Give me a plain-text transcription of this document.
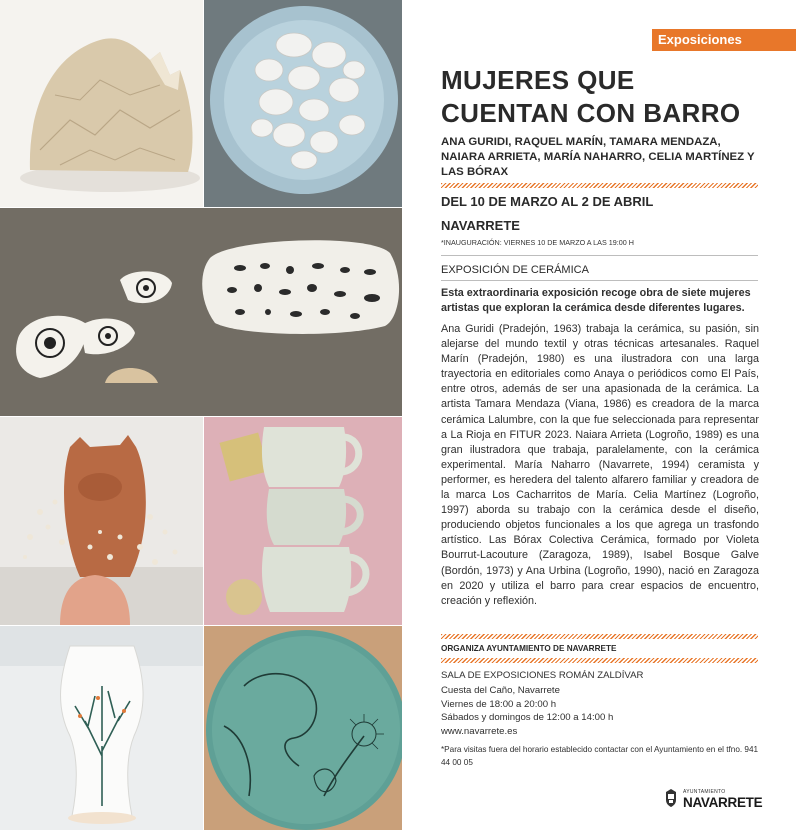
Exposiciones
MUJERES QUE
CUENTAN CON BARRO
ANA GURIDI, RAQUEL MARÍN, TAMARA MENDAZA, NAIARA ARRIETA, MARÍA NAHARRO, CELIA MARTÍNEZ Y LAS BÓRAX
DEL 10 DE MARZO AL 2 DE ABRIL
NAVARRETE
*INAUGURACIÓN: VIERNES 10 DE MARZO A LAS 19:00 H
EXPOSICIÓN DE CERÁMICA
Esta extraordinaria exposición recoge obra de siete mujeres artistas que exploran la cerámica desde diferentes lugares.
Ana Guridi (Pradejón, 1963) trabaja la cerámica, su pasión, sin alejarse del mundo textil y otras técnicas artesanales. Raquel Marín (Pradejón, 1980) es una ilustradora con una larga trayectoria en editoriales como Anaya o periódicos como El País, entre otros, además de ser una apasionada de la cerámica. La artista Tamara Mendaza (Viana, 1986) es creadora de la marca cerámica Lalumbre, con la que fue seleccionada para representar a La Rioja en FITUR 2023. Naiara Arrieta (Logroño, 1989) es una gran ilustradora que trabaja, paralelamente, con la cerámica experimental. María Naharro (Navarrete, 1994) ceramista y performer, es heredera del talento alfarero familiar y creadora de la marca Los Cacharritos de María. Celia Martínez (Logroño, 1997) aborda su trabajo con la cerámica desde el diseño, produciendo objetos funcionales a los que agrega un trasfondo artístico. Las Bórax Colectiva Cerámica, formado por Violeta Bourrut-Lacouture (Zaragoza, 1989), Isabel Bosque Galve (Bordón, 1973) y Ana Urbina (Logroño, 1990), nació en Zaragoza en 2020 y utiliza el barro para crear espacios de encuentro, creación y reflexión.
ORGANIZA AYUNTAMIENTO DE NAVARRETE
SALA DE EXPOSICIONES ROMÁN ZALDÍVAR
Cuesta del Caño, Navarrete
Viernes de 18:00 a 20:00 h
Sábados y domingos de 12:00 a 14:00 h
www.navarrete.es
*Para visitas fuera del horario establecido contactar con el Ayuntamiento en el tfno. 941 44 00 05
AYUNTAMIENTO
NAVARRETE
